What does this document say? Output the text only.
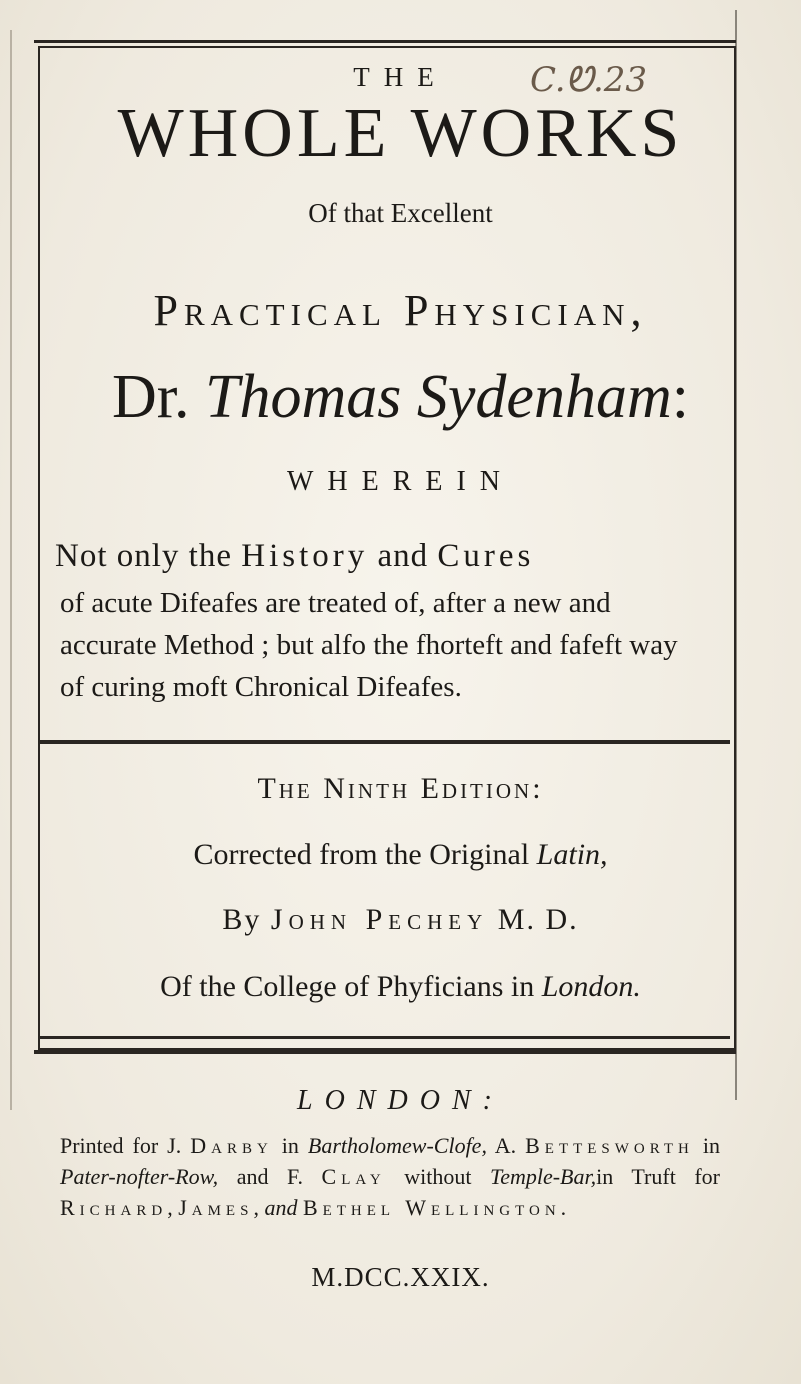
C.Ꮼ.23
THE
WHOLE WORKS
Of that Excellent
Practical Physician,
Dr. Thomas Sydenham:
WHEREIN
Not only the History and Cures
of acute Difeafes are treated of, after a new and accurate Method ; but alfo the fhorteft and fafeft way of curing moft Chronical Difeafes.
The Ninth Edition:
Corrected from the Original Latin,
By John Pechey M. D.
Of the College of Phyficians in London.
LONDON:
Printed for J. Darby in Bartholomew-Clofe, A. Bettesworth in Pater-nofter-Row, and F. Clay without Temple-Bar,in Truft for Richard, James, and Bethel Wellington.
M.DCC.XXIX.
